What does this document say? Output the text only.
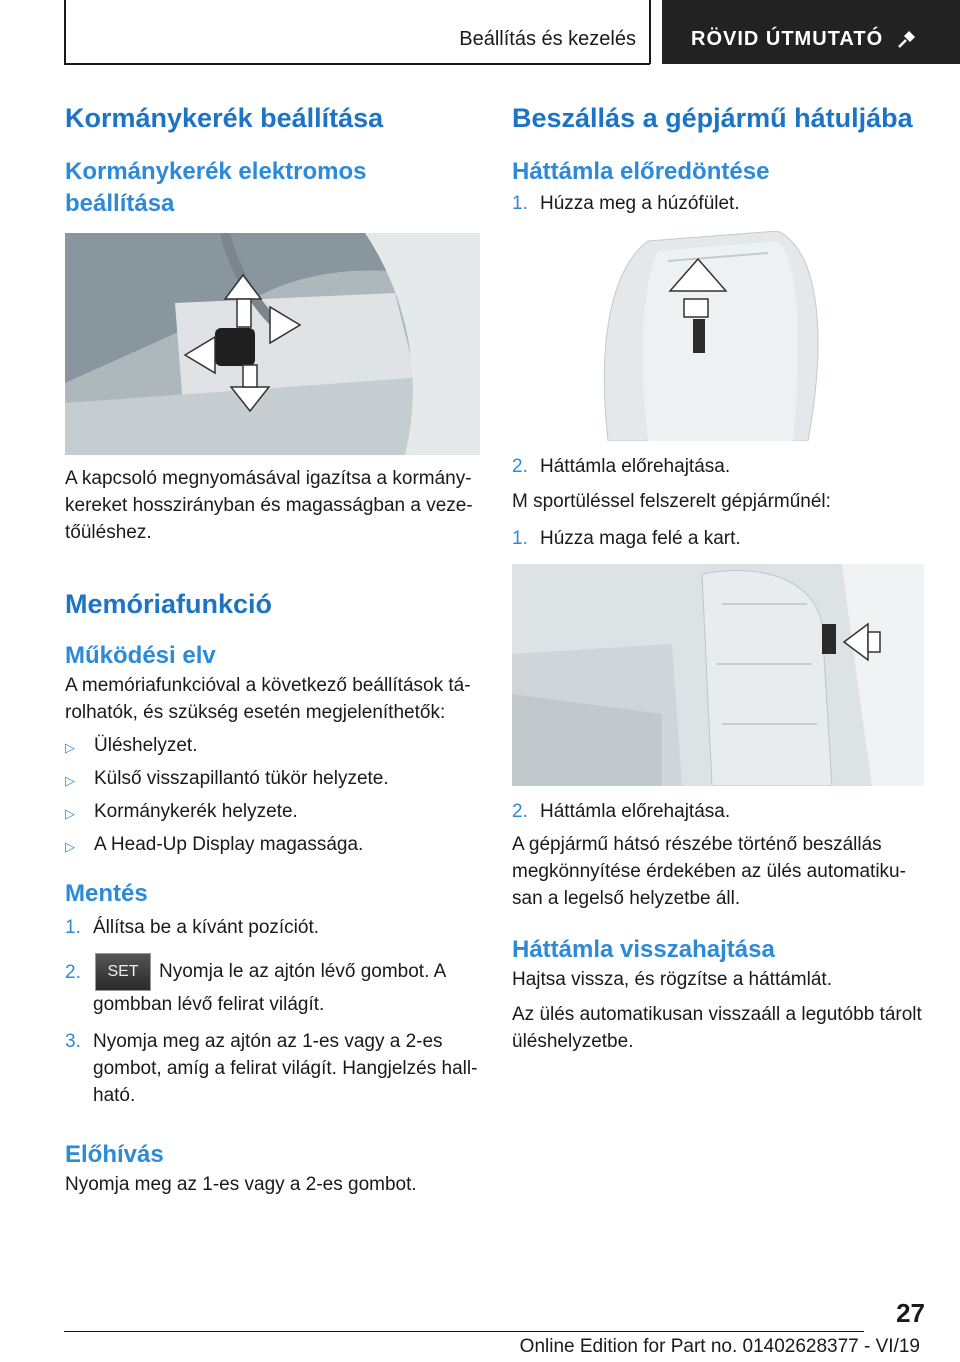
Beállítás és kezelés	RÖVID ÚTMUTATÓ
Kormánykerék beállítása
Kormánykerék elektromos beállítása

A kapcsoló megnyomásával igazítsa a kormány-kereket hosszirányban és magasságban a veze-tőüléshez.

Memóriafunkció
Működési elv

A memóriafunkcióval a következő beállítások tá-rolhatók, és szükség esetén megjeleníthetők:

▷	Üléshelyzet.
▷	Külső visszapillantó tükör helyzete.
▷	Kormánykerék helyzete.
▷	A Head-Up Display magassága.
Mentés
1. Állítsa be a kívánt pozíciót.
2.	SET Nyomja le az ajtón lévő gombot. A gombban lévő felirat világít.
3. Nyomja meg az ajtón az 1-es vagy a 2-es gombot, amíg a felirat világít. Hangjelzés hall-ható.
Előhívás

Nyomja meg az 1-es vagy a 2-es gombot.

Beszállás a gépjármű hátuljába
Háttámla előredöntése
1. Húzza meg a húzófület.
2. Háttámla előrehajtása.

M sportüléssel felszerelt gépjárműnél:

1. Húzza maga felé a kart.
2. Háttámla előrehajtása.

A gépjármű hátsó részébe történő beszállás megkönnyítése érdekében az ülés automatiku-san a legelső helyzetbe áll.

Háttámla visszahajtása

Hajtsa vissza, és rögzítse a háttámlát.

Az ülés automatikusan visszaáll a legutóbb tárolt üléshelyzetbe.

27
Online Edition for Part no. 01402628377 - VI/19
